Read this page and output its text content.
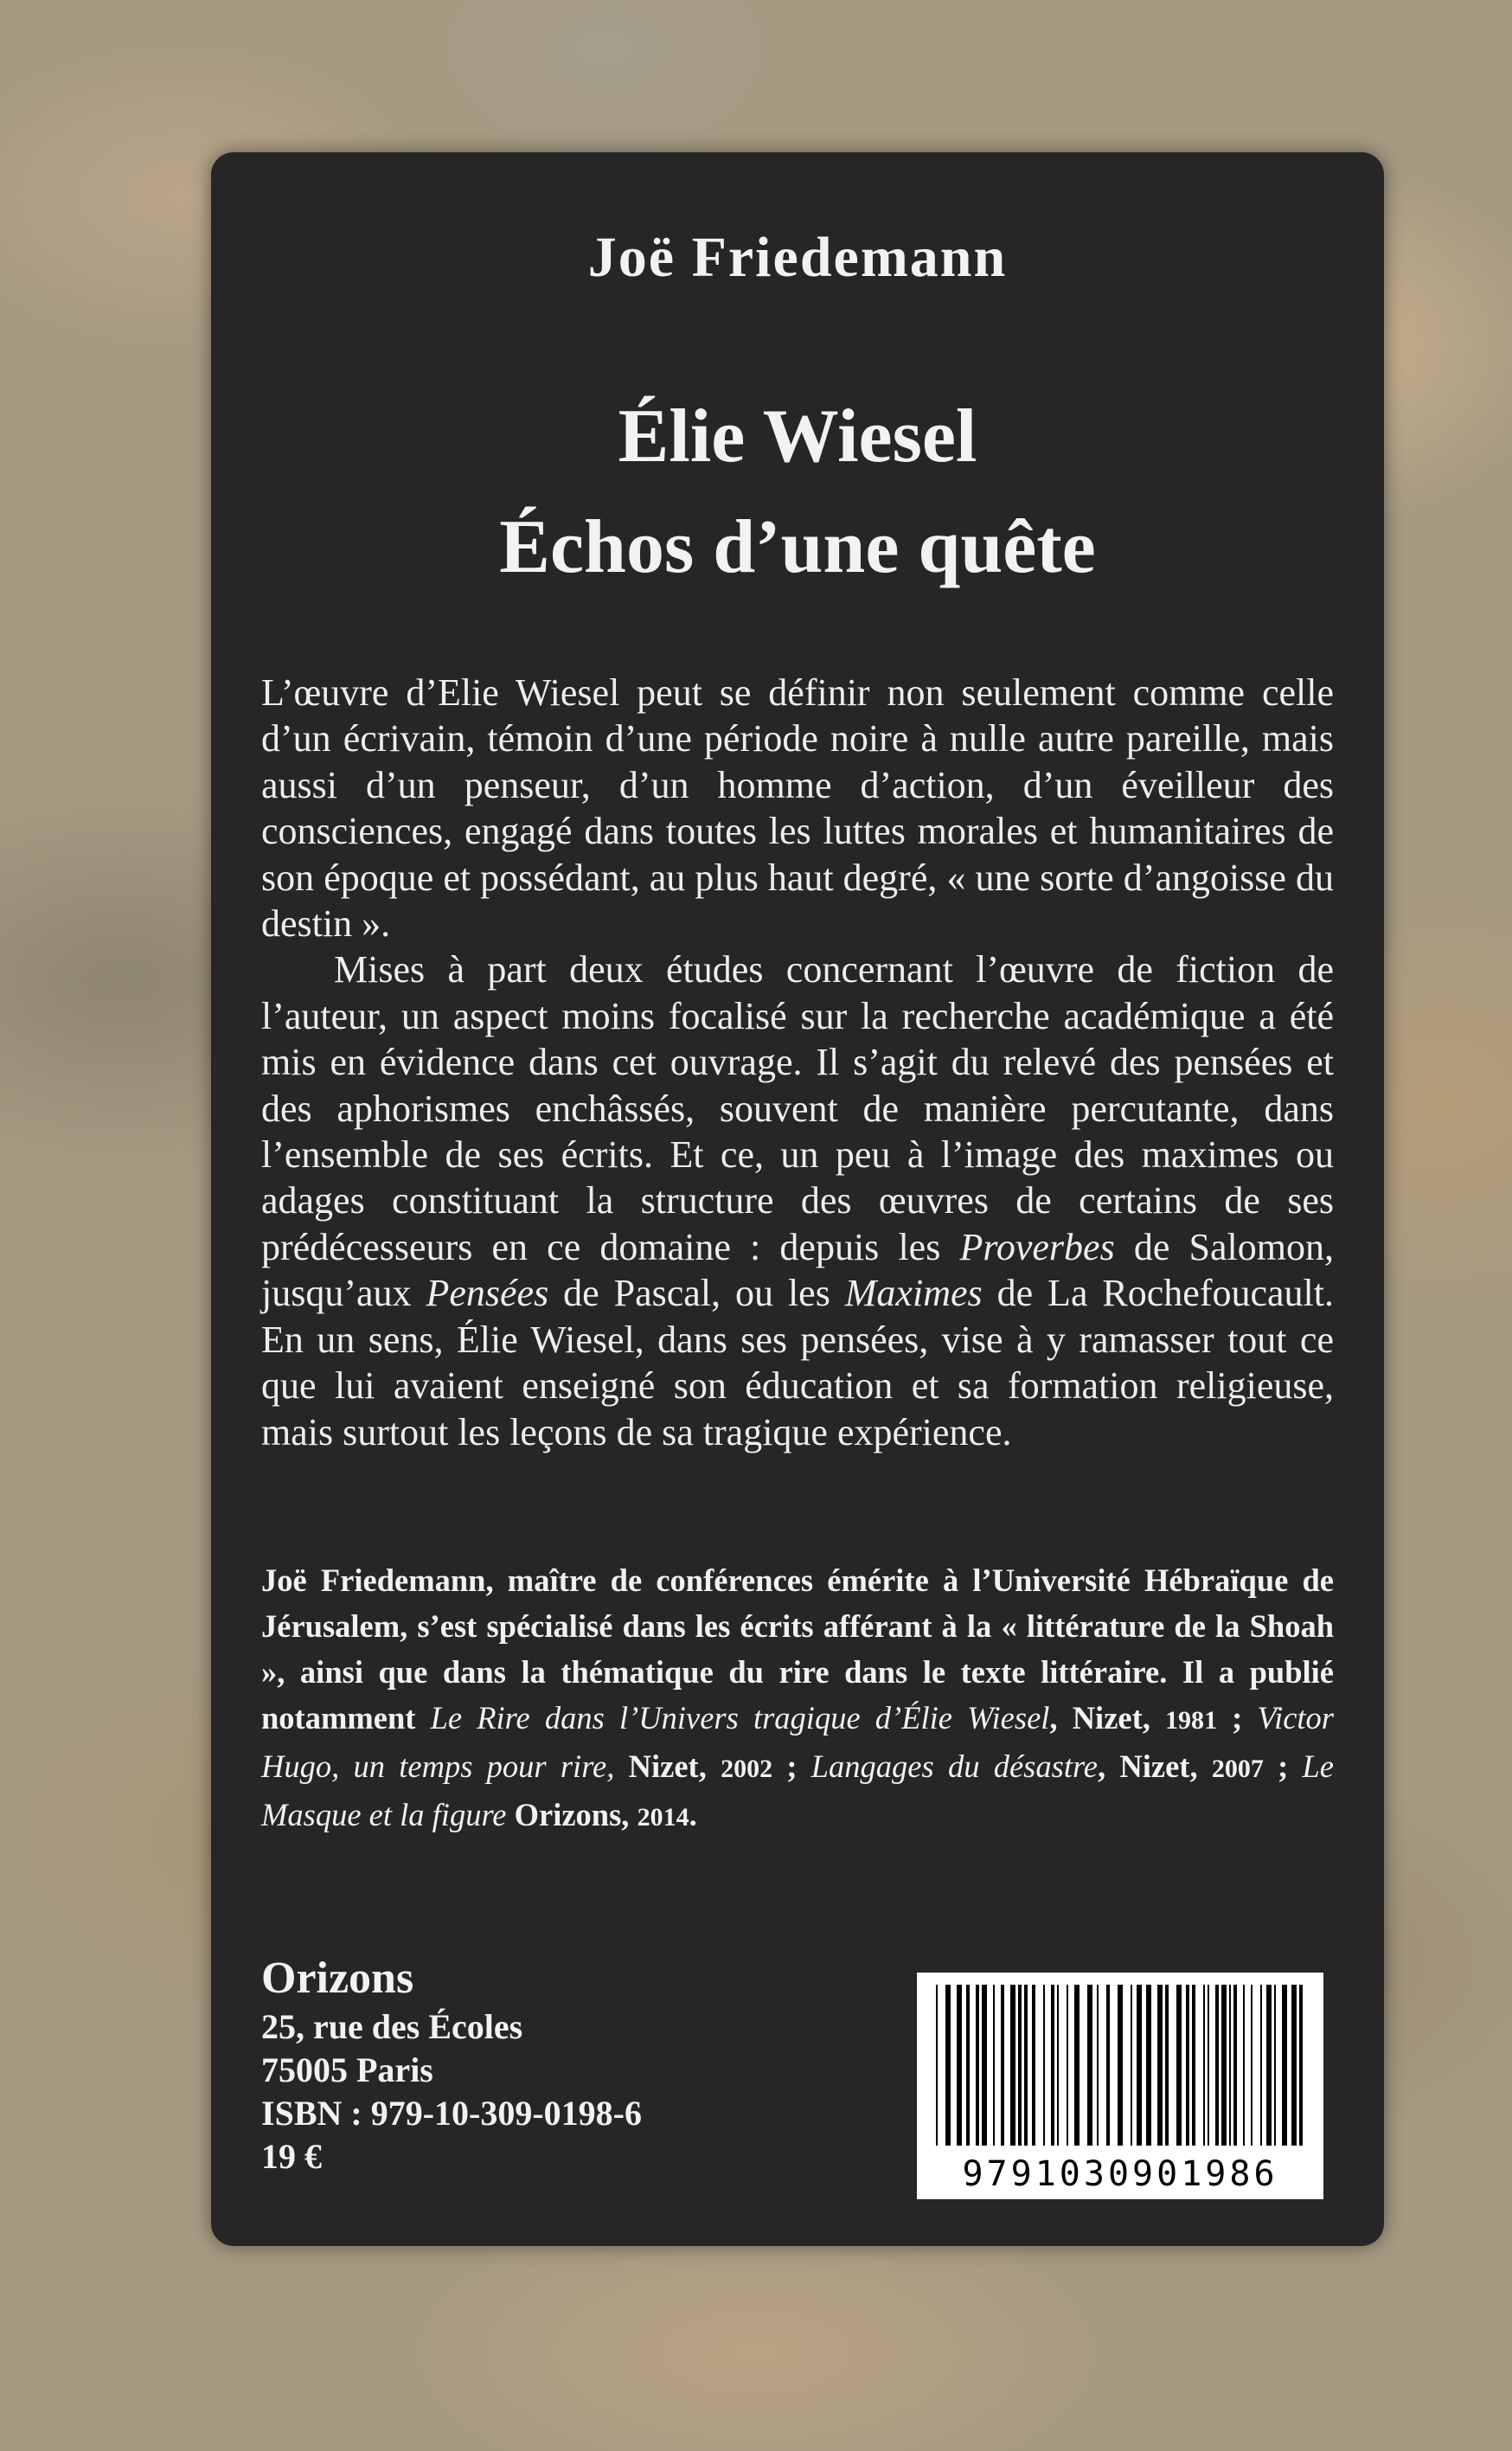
Joë Friedemann
Élie Wiesel
Échos d’une quête

L’œuvre d’Elie Wiesel peut se définir non seulement comme celle d’un écrivain, témoin d’une période noire à nulle autre pareille, mais aussi d’un penseur, d’un homme d’action, d’un éveilleur des consciences, engagé dans toutes les luttes morales et humanitaires de son époque et possédant, au plus haut degré, « une sorte d’angoisse du destin ».

Mises à part deux études concernant l’œuvre de fiction de l’auteur, un aspect moins focalisé sur la recherche académique a été mis en évidence dans cet ouvrage. Il s’agit du relevé des pensées et des aphorismes enchâssés, souvent de manière percutante, dans l’ensemble de ses écrits. Et ce, un peu à l’image des maximes ou adages constituant la structure des œuvres de certains de ses prédécesseurs en ce domaine : depuis les Proverbes de Salomon, jusqu’aux Pensées de Pascal, ou les Maximes de La Rochefoucault. En un sens, Élie Wiesel, dans ses pensées, vise à y ramasser tout ce que lui avaient enseigné son éducation et sa formation religieuse, mais surtout les leçons de sa tragique expérience.

Joë Friedemann, maître de conférences émérite à l’Université Hébraïque de Jérusalem, s’est spécialisé dans les écrits afférant à la « littérature de la Shoah », ainsi que dans la thématique du rire dans le texte littéraire. Il a publié notamment Le Rire dans l’Univers tragique d’Élie Wiesel, Nizet, 1981 ; Victor Hugo, un temps pour rire, Nizet, 2002 ; Langages du désastre, Nizet, 2007 ; Le Masque et la figure Orizons, 2014.
Orizons
25, rue des Écoles
75005 Paris
ISBN : 979-10-309-0198-6
19 €	9791030901986
